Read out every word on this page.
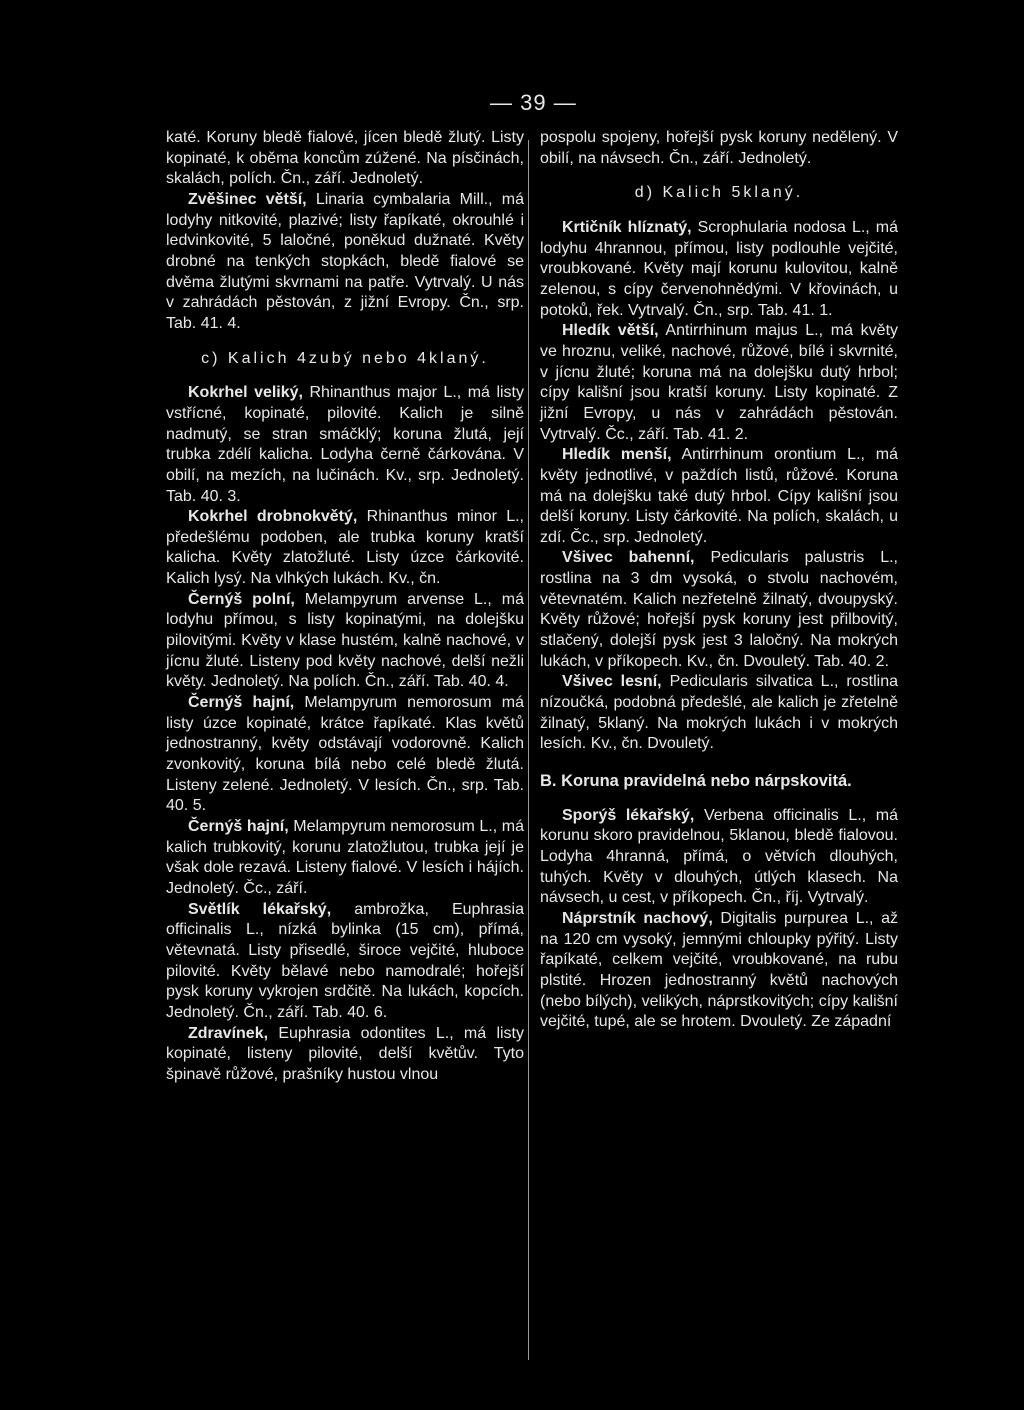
— 39 —

katé. Koruny bledě fialové, jícen bledě žlutý. Listy kopinaté, k oběma koncům zúžené. Na písčinách, skalách, polích. Čn., září. Jednoletý.

Zvěšinec větší, Linaria cymbalaria Mill., má lodyhy nitkovité, plazivé; listy řapíkaté, okrouhlé i ledvinkovité, 5 laločné, poněkud dužnaté. Květy drobné na tenkých stopkách, bledě fialové se dvěma žlutými skvrnami na patře. Vytrvalý. U nás v zahrádách pěstován, z jižní Evropy. Čn., srp. Tab. 41. 4.

c) Kalich 4zubý nebo 4klaný.

Kokrhel veliký, Rhinanthus major L., má listy vstřícné, kopinaté, pilovité. Kalich je silně nadmutý, se stran smáčklý; koruna žlutá, její trubka zdélí kalicha. Lodyha černě čárkována. V obilí, na mezích, na lučinách. Kv., srp. Jednoletý. Tab. 40. 3.

Kokrhel drobnokvětý, Rhinanthus minor L., předešlému podoben, ale trubka koruny kratší kalicha. Květy zlatožluté. Listy úzce čárkovité. Kalich lysý. Na vlhkých lukách. Kv., čn.

Černýš polní, Melampyrum arvense L., má lodyhu přímou, s listy kopinatými, na dolejšku pilovitými. Květy v klase hustém, kalně nachové, v jícnu žluté. Listeny pod květy nachové, delší nežli květy. Jednoletý. Na polích. Čn., září. Tab. 40. 4.

Černýš hajní, Melampyrum nemorosum má listy úzce kopinaté, krátce řapíkaté. Klas květů jednostranný, květy odstávají vodorovně. Kalich zvonkovitý, koruna bílá nebo celé bledě žlutá. Listeny zelené. Jednoletý. V lesích. Čn., srp. Tab. 40. 5.

Černýš hajní, Melampyrum nemorosum L., má kalich trubkovitý, korunu zlatožlutou, trubka její je však dole rezavá. Listeny fialové. V lesích i hájích. Jednoletý. Čc., září.

Světlík lékařský, ambrožka, Euphrasia officinalis L., nízká bylinka (15 cm), přímá, větevnatá. Listy přisedlé, široce vejčité, hluboce pilovité. Květy bělavé nebo namodralé; hořejší pysk koruny vykrojen srdčitě. Na lukách, kopcích. Jednoletý. Čn., září. Tab. 40. 6.

Zdravínek, Euphrasia odontites L., má listy kopinaté, listeny pilovité, delší květův. Tyto špinavě růžové, prašníky hustou vlnou

pospolu spojeny, hořejší pysk koruny nedělený. V obilí, na návsech. Čn., září. Jednoletý.

d) Kalich 5klaný.

Krtičník hlíznatý, Scrophularia nodosa L., má lodyhu 4hrannou, přímou, listy podlouhle vejčité, vroubkované. Květy mají korunu kulovitou, kalně zelenou, s cípy červenohnědými. V křovinách, u potoků, řek. Vytrvalý. Čn., srp. Tab. 41. 1.

Hledík větší, Antirrhinum majus L., má květy ve hroznu, veliké, nachové, růžové, bílé i skvrnité, v jícnu žluté; koruna má na dolejšku dutý hrbol; cípy kališní jsou kratší koruny. Listy kopinaté. Z jižní Evropy, u nás v zahrádách pěstován. Vytrvalý. Čc., září. Tab. 41. 2.

Hledík menší, Antirrhinum orontium L., má květy jednotlivé, v paždích listů, růžové. Koruna má na dolejšku také dutý hrbol. Cípy kališní jsou delší koruny. Listy čárkovité. Na polích, skalách, u zdí. Čc., srp. Jednoletý.

Všivec bahenní, Pedicularis palustris L., rostlina na 3 dm vysoká, o stvolu nachovém, větevnatém. Kalich nezřetelně žilnatý, dvoupyský. Květy růžové; hořejší pysk koruny jest přilbovitý, stlačený, dolejší pysk jest 3 laločný. Na mokrých lukách, v příkopech. Kv., čn. Dvouletý. Tab. 40. 2.

Všivec lesní, Pedicularis silvatica L., rostlina nízoučká, podobná předešlé, ale kalich je zřetelně žilnatý, 5klaný. Na mokrých lukách i v mokrých lesích. Kv., čn. Dvouletý.

B. Koruna pravidelná nebo nárpskovitá.

Sporýš lékařský, Verbena officinalis L., má korunu skoro pravidelnou, 5klanou, bledě fialovou. Lodyha 4hranná, přímá, o větvích dlouhých, tuhých. Květy v dlouhých, útlých klasech. Na návsech, u cest, v příkopech. Čn., říj. Vytrvalý.

Náprstník nachový, Digitalis purpurea L., až na 120 cm vysoký, jemnými chloupky pýřitý. Listy řapíkaté, celkem vejčité, vroubkované, na rubu plstité. Hrozen jednostranný květů nachových (nebo bílých), velikých, náprstkovitých; cípy kališní vejčité, tupé, ale se hrotem. Dvouletý. Ze západní
